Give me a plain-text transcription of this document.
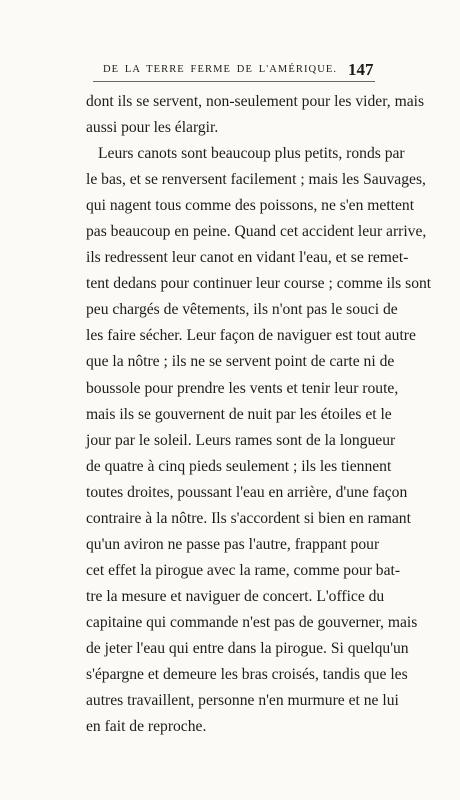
DE LA TERRE FERME DE L'AMÉRIQUE. 147
dont ils se servent, non-seulement pour les vider, mais
aussi pour les élargir.
Leurs canots sont beaucoup plus petits, ronds par
le bas, et se renversent facilement ; mais les Sauvages,
qui nagent tous comme des poissons, ne s'en mettent
pas beaucoup en peine. Quand cet accident leur arrive,
ils redressent leur canot en vidant l'eau, et se remet-
tent dedans pour continuer leur course ; comme ils sont
peu chargés de vêtements, ils n'ont pas le souci de
les faire sécher. Leur façon de naviguer est tout autre
que la nôtre ; ils ne se servent point de carte ni de
boussole pour prendre les vents et tenir leur route,
mais ils se gouvernent de nuit par les étoiles et le
jour par le soleil. Leurs rames sont de la longueur
de quatre à cinq pieds seulement ; ils les tiennent
toutes droites, poussant l'eau en arrière, d'une façon
contraire à la nôtre. Ils s'accordent si bien en ramant
qu'un aviron ne passe pas l'autre, frappant pour
cet effet la pirogue avec la rame, comme pour bat-
tre la mesure et naviguer de concert. L'office du
capitaine qui commande n'est pas de gouverner, mais
de jeter l'eau qui entre dans la pirogue. Si quelqu'un
s'épargne et demeure les bras croisés, tandis que les
autres travaillent, personne n'en murmure et ne lui
en fait de reproche.
